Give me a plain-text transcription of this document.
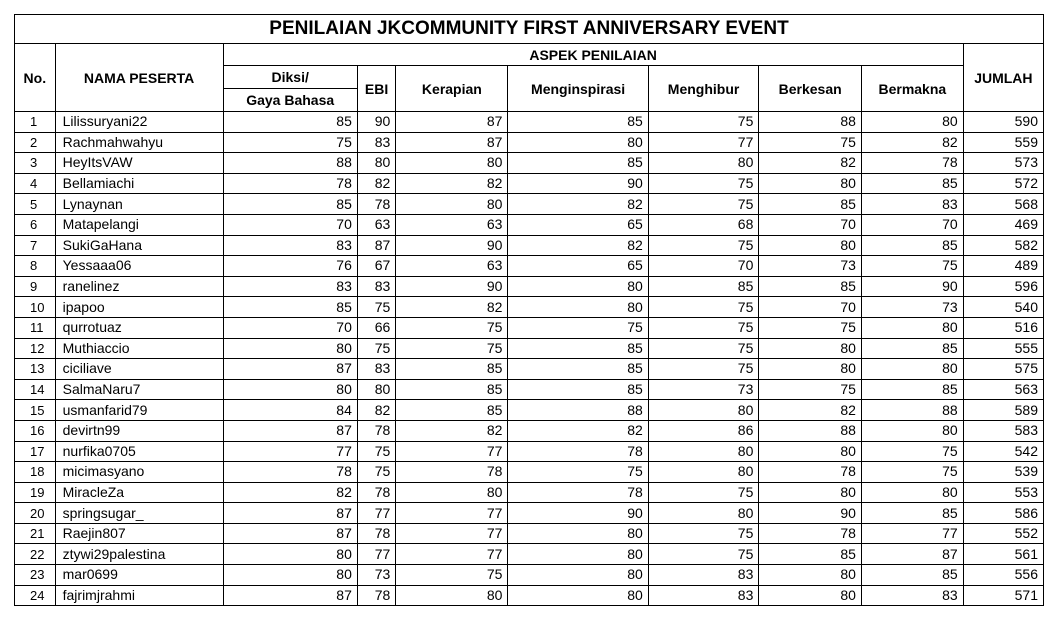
PENILAIAN JKCOMMUNITY FIRST ANNIVERSARY EVENT									
No.	NAMA PESERTA	ASPEK PENILAIAN							JUMLAH
		Diksi/	EBI	Kerapian	Menginspirasi	Menghibur	Berkesan	Bermakna	
		Gaya Bahasa							
1	Lilissuryani22	85	90	87	85	75	88	80	590
2	Rachmahwahyu	75	83	87	80	77	75	82	559
3	HeyItsVAW	88	80	80	85	80	82	78	573
4	Bellamiachi	78	82	82	90	75	80	85	572
5	Lynaynan	85	78	80	82	75	85	83	568
6	Matapelangi	70	63	63	65	68	70	70	469
7	SukiGaHana	83	87	90	82	75	80	85	582
8	Yessaaa06	76	67	63	65	70	73	75	489
9	ranelinez	83	83	90	80	85	85	90	596
10	ipapoo	85	75	82	80	75	70	73	540
11	qurrotuaz	70	66	75	75	75	75	80	516
12	Muthiaccio	80	75	75	85	75	80	85	555
13	ciciliave	87	83	85	85	75	80	80	575
14	SalmaNaru7	80	80	85	85	73	75	85	563
15	usmanfarid79	84	82	85	88	80	82	88	589
16	devirtn99	87	78	82	82	86	88	80	583
17	nurfika0705	77	75	77	78	80	80	75	542
18	micimasyano	78	75	78	75	80	78	75	539
19	MiracleZa	82	78	80	78	75	80	80	553
20	springsugar_	87	77	77	90	80	90	85	586
21	Raejin807	87	78	77	80	75	78	77	552
22	ztywi29palestina	80	77	77	80	75	85	87	561
23	mar0699	80	73	75	80	83	80	85	556
24	fajrimjrahmi	87	78	80	80	83	80	83	571
